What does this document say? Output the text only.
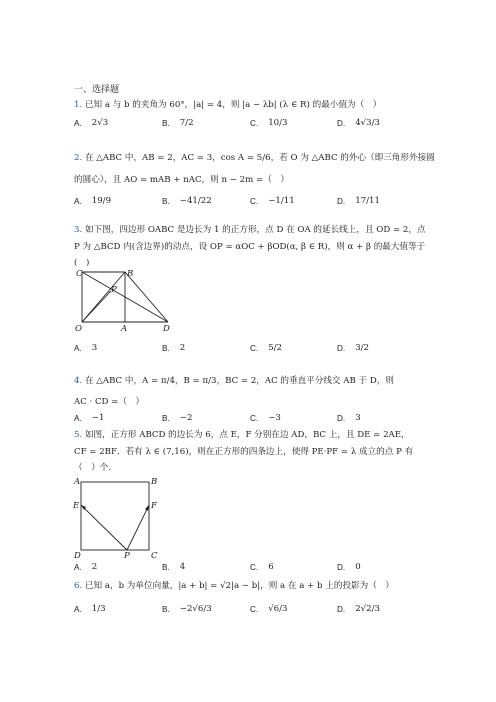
一、选择题
1. 已知 a 与 b 的夹角为 60°，|a| = 4，则 |a − λb| (λ ∈ R) 的最小值为（　）
A. 2√3	B. 7/2	C. 10/3	D. 4√3/3
2. 在 △ABC 中，AB = 2，AC = 3，cos A = 5/6，若 O 为 △ABC 的外心（即三角形外接圆
的圆心），且 AO = mAB + nAC，则 n − 2m =（　）
A. 19/9	B. −41/22	C. −1/11	D. 17/11
3. 如下图，四边形 OABC 是边长为 1 的正方形，点 D 在 OA 的延长线上，且 OD = 2，点
P 为 △BCD 内(含边界)的动点，设 OP = αOC + βOD(α, β ∈ R)，则 α + β 的最大值等于
(　)
C	B
P
O	A	D
A. 3	B. 2	C. 5/2	D. 3/2
4. 在 △ABC 中，A = π/4，B = π/3，BC = 2，AC 的垂直平分线交 AB 于 D，则
AC · CD =（　）
A. −1	B. −2	C. −3	D. 3
5. 如图，正方形 ABCD 的边长为 6，点 E，F 分别在边 AD，BC 上，且 DE = 2AE，
CF = 2BF．若有 λ ∈ (7,16)，则在正方形的四条边上，使得 PE·PF = λ 成立的点 P 有
（　）个.
A	B
E	F
D	P	C
A. 2	B. 4	C. 6	D. 0
6. 已知 a，b 为单位向量，|a + b| = √2|a − b|，则 a 在 a + b 上的投影为（　）
A. 1/3	B. −2√6/3	C. √6/3	D. 2√2/3
